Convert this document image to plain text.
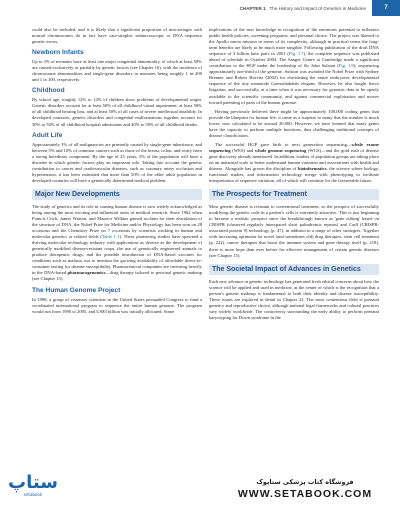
CHAPTER 1 The History and Impact of Genetics in Medicine	7

could also be included, and it is likely that a significant proportion of miscarriages with normal chromosomes do in fact have cata-strophic submicroscopic or DNA sequence genetic errors.

Newborn Infants

Up to 3% of neonates have at least one major congenital abnormality, of which at least 50% are caused exclusively or partially by genetic factors (see Chapter 16), with the incidence of chromosome abnormalities and single-gene disorders in neonates being roughly 1 in 200 and 1 in 100, respectively.

Childhood

By school age, roughly 12% to 14% of children show problems of developmental origin. Genetic disorders account for at least 50% of all childhood visual impairment, at least 50% of all childhood hearing loss, and at least 50% of all cases of severe intellectual disability. In developed countries, genetic disorders and congenital malformations together account for 30% to 50% of all childhood hospital admissions and 40% to 50% of all childhood deaths.

Adult Life

Approximately 1% of all malignancies are primarily caused by single-gene inheritance, and between 5% and 10% of common cancers such as those of the breast, colon, and ovary have a strong hereditary component. By the age of 25 years, 5% of the population will have a disorder in which genetic factors play an important role. Taking into account the genetic contribution to cancer and cardiovascular diseases, such as coronary artery occlusion and hypertension, it has been estimated that more than 50% of the older adult population in developed countries will have a genetically determined medical problem.

Major New Developments

The study of genetics and its role in causing human disease is now widely acknowledged as being among the most exciting and influential areas of medical research. Since 1962 when Francis Crick, James Watson, and Maurice Wilkins gained acclaim for their elucidation of the structure of DNA, the Nobel Prize for Medicine and/or Physiology has been won on 28 occasions and the Chemistry Prize on 7 occasions by scientists working in human and molecular genetics or related fields (Table 1.1). These pioneering studies have spawned a thriving molecular technology industry with applications as diverse as the development of genetically modified disease-resistant crops, the use of genetically engineered animals to produce therapeutic drugs, and the possible introduction of DNA-based vaccines for conditions such as malaria, not to mention the growing availability of affordable direct-to-consumer testing for disease susceptibility. Pharmaceutical companies are investing heavily in the DNA-based pharmacogenomics—drug therapy tailored to personal genetic makeup (see Chapter 15).

The Human Genome Project

In 1988, a group of visionary scientists in the United States persuaded Congress to fund a coordinated international program to sequence the entire human genome. The program would run from 1990 to 2005, and US$3 billion was initially allocated. Some

implications of the new knowledge in recognition of the enormous potential to influence public health policies, screening programs, and personal choice. The project was likened to the Apollo moon mission in terms of its complexity, although in practical terms the long-term benefits are likely to be much more tangible. Following publication of the draft DNA sequence of 3 billion base pairs in 2001 (Fig. 1.7), the complete sequence was published ahead of schedule in October 2004. The Sanger Centre at Cambridge made a significant contribution to the HGP under the leadership of Sir John Sulston (Fig. 1.8), sequencing approximately one-third of the genome. Sulston was awarded the Nobel Prize with Sydney Brenner and Robert Horvitz (2002) for elucidating the entire embryonic developmental sequence of the tiny nematode Caenorhabditis elegans. However, he also fought fierce litigation, and successfully, at a time when it was necessary for genomic data to be openly available to the scientific community, and against commercial exploitation and moves toward patenting of parts of the human genome.

Having previously believed there might be approximately 100,000 coding genes that provide the blueprint for human life, it came as a surprise to many that the number is much lower, now calculated to be around 20,000. However, we have learned that many genes have the capacity to perform multiple functions, thus challenging traditional concepts of disease classification.

The successful HGP gave birth to next generation sequencing—whole exome sequencing (WES) and whole genome sequencing (WGS)—and the gold rush of disease gene discovery already mentioned. In addition, studies of population groups are taking place on an industrial scale to better understand human variation and associations with health and disease. Alongside has grown the discipline of bioinformatics, the science where biology, functional studies, and information technology merge with phenotyping to facilitate interpretation of sequence variation, all of which will continue for the foreseeable future.

The Prospects for Treatment

Most genetic disease is resistant to conventional treatment, so the prospect of successfully modifying the genetic code in a patient's cells is extremely attractive. This is just beginning to become a realistic prospect since the breakthrough known as 'gene editing' based on CRISPR (clustered regularly interspaced short palindromic repeats) and Cas9 (CRISPR-associated protein 9) technology (p. 47), in addition to a range of other strategies. Together with increasing optimism for novel (and sometimes old) drug therapies, stem cell treatment (p. 222), cancer therapies that boost the immune system and gene therapy itself (p. 218), there is more hope than ever before for effective management of certain genetic diseases (see Chapter 15).

The Societal Impact of Advances in Genetics

Each new advance in genetic technology has generated fresh ethical concerns about how the science will be applied and used in medicine, at the center of which is the recognition that a person's genetic makeup is fundamental to both their identity and disease susceptibility. These issues are explored in detail in Chapter 22. The most contentious field is prenatal genetics and reproductive choice, although national legal frameworks and cultural practices vary widely worldwide. The controversy surrounding the early ability to perform prenatal karyotyping for Down syndrome in the

ستاپ
setabook
فروشگاه کتاب پزشکی ستاپوک
WWW.SETABOOK.COM
